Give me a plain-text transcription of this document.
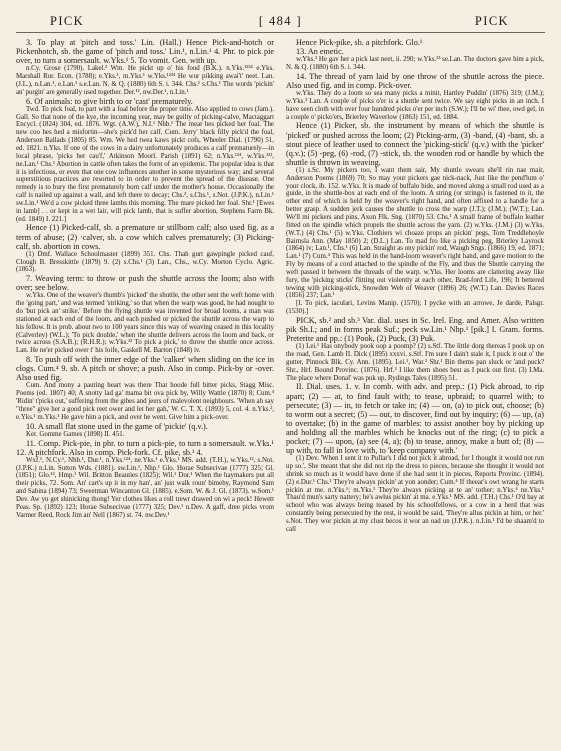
PICK	[ 484 ]	PICK

3. To play at 'pitch and toss.' Lin. (Hall.) Hence Pick-and-hotch or Pickenhotch, sb. the game of 'pitch and toss.' Lin.¹, n.Lin.¹ 4. Phr. to pick pie over, to turn a somersault. w.Yks.¹ 5. To vomit. Gen. with up.

n.Cy. Grose (1790). Lakel.² Wm. He pickt up o' his food (B.K.). n.Yks.¹²³⁴ e.Yks. Marshall Rur. Econ. (1788); e.Yks.¹, m.Yks.¹ w.Yks.¹²³⁴ He wur pikking awai't' neet. Lan. (J.L.), n.Lan.¹, e.Lan.¹ s.e.Lan. N. & Q. (1880) 6th S. i. 344. Chs.¹ s.Chs.¹ The words 'pickin' an' purgin' are generally used together. Der.¹², nw.Der.¹, n.Lin.¹

6. Of animals: to give birth to or 'cast' prematurely.

Twd. To pick foal, to part with a foal before the proper time. Also applied to cows (Jam.). Gall. So that none of the kye, the incoming year, may be guilty of picking-calve, Mactaggart Encycl. (1824) 304, ed. 1876. Wgt. (A.W.), N.I.¹ Nhb.¹ The mear hes picked her foal. The new coo hes hed a misfortin—she's pick'd her calf. Cum. Jerry' black filly pick'd the foal, Anderson Ballads (1805) 85. Wm. We hed twea kaws pickt cofs, Wheeler Dial. (1790) 51, ed. 1821. n.Yks. If one of the cows in a dairy unfortunately produces a calf prematurely—in local phrase, 'picks her cau'f,' Atkinson Moorl. Parish (1891) 62; n.Yks.¹²⁴, w.Yks.¹²³, ne.Lan.¹ Chs.¹ Abortion in cattle often takes the form of an epidemic. The popular idea is that it is infectious, or even that one cow influences another in some mysterious way; and several superstitious practices are resorted to in order to prevent the spread of the disease. One remedy is to bury the first prematurely born calf under the mother's house. Occasionally the calf is nailed up against a wall, and left there to decay; Chs.³, s.Chs.¹, s.Not. (J.P.K.), n.Lin.¹ sw.Lin.¹ We'd a cow picked three lambs this morning. The mare picked her foal. Shr.¹ [Ewes in lamb] . . or kept in a wet lair, will pick lamb, that is suffer abortion, Stephens Farm Bk. (ed. 1849) I. 221.]

Hence (1) Picked-calf, sb. a premature or stillborn calf; also used fig. as a term of abuse; (2) ·calver, sb. a cow which calves prematurely; (3) Picking-calf, sb. abortion in cows.

(1) Dmf. Wallace Schoolmaster (1899) 351. Chs. Thah gurt gawpingle picked cauf, Clough B. Bresskittle (1879) 9. (2) s.Chs.¹ (3) Lan., Chs., w.Cy. Morton Cyclo. Agric. (1863).

7. Weaving term: to throw or push the shuttle across the loom; also with over; see below.

w.Yks. One of the weaver's thumb's 'picked' the shuttle, the other sent the weft home with the 'going part,' and was termed 'striking,' so that when the warp was good, he had nought to do 'but pick an' strike.' Before the flying shuttle was invented for broad looms, a man was stationed at each end of the loom, and each pushed or picked the shuttle across the warp to his fellow. It is prob. about two to 100 years since this way of weaving ceased in this locality (Calverley) (W.L.); 'To pick double,' when the shuttle delivers across the loom and back, or twice across (S.A.B.); (R.H.R.); w.Yks.²³ To pick a pick,' to throw the shuttle once across. Lan. He ne'er picked ower t' his loife, Gaskell M. Barton (1848) iv.

8. To push off with the inner edge of the 'calker' when sliding on the ice in clogs. Cum.⁴ 9. sb. A pitch or shove; a push. Also in comp. Pick-by or -over. Also used fig.

Cum. And mony a pauting heart was there That hoode full bitter picks, Stagg Misc. Poems (ed. 1807) 40; A snotty lad ga' mama bit ova pick by, Willy Wattle (1870) 8; Cum.⁴ 'Ridin' t'picks out,' suffering from the gibes and jeers of malevolent neighbours. 'When ah say "three" give her a good pick reet ower and let her gah,' W. C. T. X. (1893) 5, col. 4. n.Yks.², e.Yks.¹ m.Yks.¹ He gave him a pick, and over he went. Give him a pick-over.

10. A small flat stone used in the game of 'pickie' (q.v.).

Ker. Gomme Games (1898) II. 451.

11. Comp. Pick-pie, in phr. to turn a pick-pie, to turn a somersault. w.Yks.¹ 12. A pitchfork. Also in comp. Pick-fork. Cf. pike, sb.¹ 4.

Wxf.¹, N.Cy.¹, Nhb.¹, Dur.¹, n.Yks.¹²⁴, ne.Yks.¹ e.Yks.¹ MS. add. (T.H.), w.Yks.¹², s.Not. (J.P.K.) n.Lin. Sutton Wds. (1881). sw.Lin.¹, Nhp.¹ Glo. Horae Subsecivae (1777) 325; Gl. (1851); Glo.¹², Hmp.¹ Wil. Britton Beauties (1825); Wil.¹ Dor.¹ When the haymakers put all their picks, 72. Som. An' cart's up it in my han', an' just walk roun' bimeby, Raymond Sam and Sabina (1894) 73; Sweetman Wincanton Gl. (1885). e.Som. W. & J. Gl. (1873). w.Som.¹ Dev. Aw yu get shinicking thong! Yer clothes likes a roll trewr drawed on wi a peck! Hewett Peas. Sp. (1892) 123; Horae Subsecivae (1777) 325; Dev.¹ n.Dev. A gaff, dree picks vrom Varmer Reed, Rock Jim an' Nell (1867) st. 74. nw.Dev.¹

Hence Pick-pike, sb. a pitchfork. Glo.¹

13. An emetic.

w.Yks.¹ He gav her a pick last neet, ii. 290; w.Yks.²³ se.Lan. The doctors gave him a pick, N. & Q. (1880) 6th S. i. 344.

14. The thread of yarn laid by one throw of the shuttle across the piece. Also used fig. and in comp. Pick-over.

w.Yks. They do a loom so sea many picks a minit, Hartley Puddin' (1876) 319; (J.M.); w.Yks.³ Lan. A couple of picks o'er is a shuttle sent twice. We say eight picks in an inch. I have seen cloth with over four hundred picks o'er per inch (S.W.); I'll be wi' thee, owd gel, in a couple o' picko'ers, Brierley Waverlow (1863) 151, ed. 1884.

Hence (1) Picker, sb. the instrument by means of which the shuttle is 'picked' or pushed across the loom; (2) Picking-arm, (3) -band, (4) -bant, sb. a stout piece of leather used to connect the 'picking-stick' (q.v.) with the 'picker' (q.v.); (5) -peg, (6) -rod, (7) -stick, sb. the wooden rod or handle by which the shuttle is thrown in weaving.

(1) s.Sc. My pickers too, I want them sair, My shuttle swears she'll rin nae mair, Anderson Poems (1869) 70; So may your pickers gae nick-nack, Just like the pend'lum o' your clock, ib. 152. w.Yks. It is made of buffalo hide, and moved along a small rod used as a guide, in the shuttle-box at each end of the loom. A string (or strings) is fastened to it, the other end of which is held by the weaver's right hand, and often affixed to a handle for a better grasp. A sudden jerk causes the shuttle to cross the warp (J.T.); (J.M.); (W.T.); Lan. We'll mi pickers and pins, Axon Flk. Sng. (1870) 53. Chs.¹ A small frame of buffalo leather fitted on the spindle which propels the shuttle across the yarn. (2) w.Yks. (J.M.) (3) w.Yks. (W.T.) (4) Chs.¹ (5) w.Yks. Clothiers wi choaze props an pickin' pegs, Tom Treddlehoyle Bairnsla Ann. (May 1850) 2; (D.L.) Lan. To mad fro like a picking peg, Brierley Layrock (1864) iv; Lan.¹, Chs.¹ (6) Lan. Straight as ony pickin' rod, Waugh Sngs. (1866) 19, ed. 1871; Lan.¹ (7) Cum.⁴ This was held in the hand-loom weaver's right hand, and gave motion to the Fly by means of a cord attached to the spindle of the Fly, and thus the Shuttle carrying the weft passed it between the threads of the warp. w.Yks. Her looms are clattering away like fury, the 'picking sticks' flitting out violently at each other, Brad-ford Life, 196; It bettered tewing with picking-stick, Snowden Web of Weaver (1896) 26; (W.T.) Lan. Davies Races (1856) 237; Lan.¹

[I. To pick, iaculari, Levins Manip. (1570); I pycke with an arrowe, Je darde, Palsgr. (1530).]

PICK, sb.² and sb.³ Var. dial. uses in Sc. Irel. Eng. and Amer. Also written pik Sh.I.; and in forms peak Suf.; peck sw.Lin.¹ Nhp.¹ [pik.] I. Gram. forms. Preterite and pp.: (1) Pook, (2) Puck, (3) Puk.

(1) Lei.¹ Has onybody pook oop a poomp? (2) s.Stf. The little dorg thereas I pook up on the road, Gen. Lamb II. Dick (1895) xxxvi. s.Stf. I'm sure I dain't stale it, I puck it out o' the gutter, Pinnock Blk. Cy. Ann. (1895). Lei.¹, War.³ Shr.¹ Bin thems pan sluck or 'and puck? Shr., Hrf. Bound Provinc. (1876). Hrf.² I like them shoes best as I puck out first. (3) I.Ma. The place where Donal' was puk up, Rydings Tales (1895) 51.

II. Dial. uses. 1. v. In comb. with adv. and prep.: (1) Pick abroad, to rip apart; (2) — at, to find fault with; to tease, upbraid; to quarrel with; to persecute; (3) — in, to fetch or take in; (4) — on, (a) to pick out, choose; (b) to worm out a secret; (5) — out, to discover, find out by inquiry; (6) — up, (a) to overtake; (b) in the game of marbles: to assist another boy by picking up and holding all the marbles which he knocks out of the ring; (c) to pick a pocket; (7) — upon, (a) see (4, a); (b) to tease, annoy, make a butt of; (8) — up with, to fall in love with, to 'keep company with.'

(1) Dev. 'When I sent it to Pullar's I did not pick it abroad, for I thought it would not run up so.', She meant that she did not rip the dress to pieces, because she thought it would not shrink so much as it would have done if she had sent it in pieces, Reports Provinc. (1894). (2) e.Dur.¹ Chs.¹ They're always pickin' at yon aonder; Cum.⁴ If theear's owt wrang he starts pickin at me. n.Yks.¹; m.Yks.¹ They're always picking at te an' tother; n.Yks.⁴ ne.Yks.¹ Thau'd mun's sarty nattery; he's awlus pickin' at ma. e.Yks.¹ MS. add. (T.H.) Chs.¹ O'd bay at school who was always being teased by his schoolfellows, or a cow in a herd that was constantly being persecuted by the rest, it would be said, 'They're allus pickin at him, or her.' s.Not. They wor pickin at my clust becos it wor an oad un (J.P.K.). n.Lin.¹ I'd be shaam'd to call
